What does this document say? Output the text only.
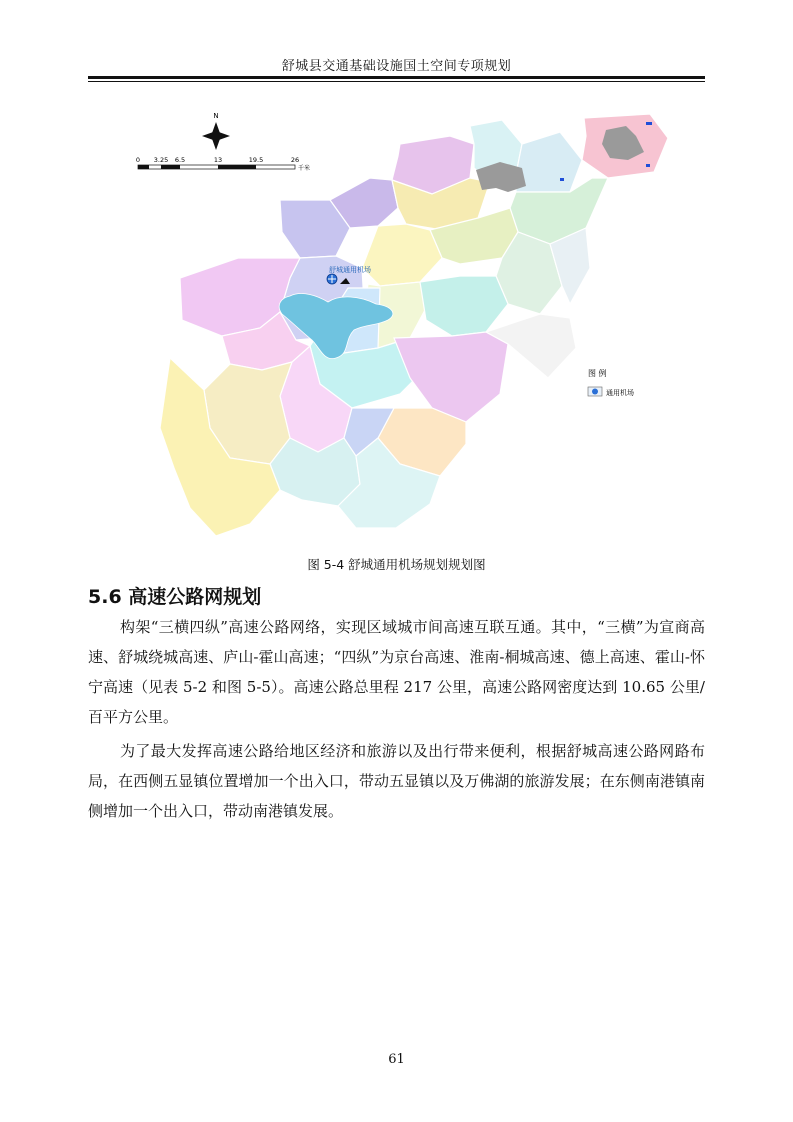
舒城县交通基础设施国土空间专项规划
N
0 3.25 6.5	13	19.5	26
千米
舒城通用机场
图 例
通用机场
图 5-4 舒城通用机场规划规划图
5.6 高速公路网规划

构架“三横四纵”高速公路网络，实现区域城市间高速互联互通。其中，“三横”为宣商高速、舒城绕城高速、庐山-霍山高速；“四纵”为京台高速、淮南-桐城高速、德上高速、霍山-怀宁高速（见表 5-2 和图 5-5）。高速公路总里程 217 公里，高速公路网密度达到 10.65 公里/百平方公里。

为了最大发挥高速公路给地区经济和旅游以及出行带来便利，根据舒城高速公路网路布局，在西侧五显镇位置增加一个出入口，带动五显镇以及万佛湖的旅游发展；在东侧南港镇南侧增加一个出入口，带动南港镇发展。

61
